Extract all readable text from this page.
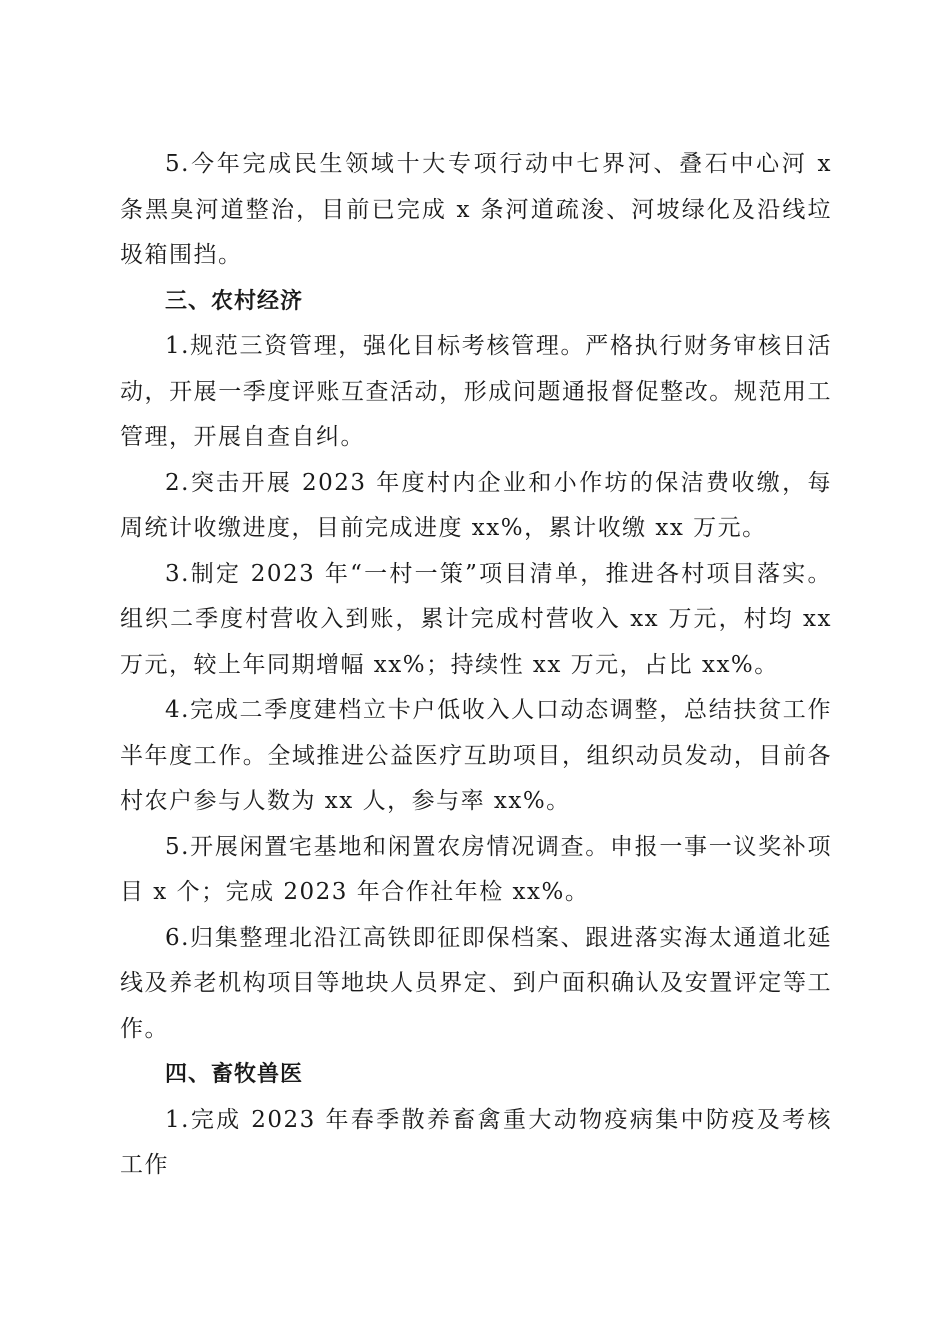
5.今年完成民生领域十大专项行动中七界河、叠石中心河 x 条黑臭河道整治，目前已完成 x 条河道疏浚、河坡绿化及沿线垃圾箱围挡。

三、农村经济

1.规范三资管理，强化目标考核管理。严格执行财务审核日活动，开展一季度评账互查活动，形成问题通报督促整改。规范用工管理，开展自查自纠。

2.突击开展 2023 年度村内企业和小作坊的保洁费收缴，每周统计收缴进度，目前完成进度 xx%，累计收缴 xx 万元。

3.制定 2023 年“一村一策”项目清单，推进各村项目落实。组织二季度村营收入到账，累计完成村营收入 xx 万元，村均 xx 万元，较上年同期增幅 xx%；持续性 xx 万元，占比 xx%。

4.完成二季度建档立卡户低收入人口动态调整，总结扶贫工作半年度工作。全域推进公益医疗互助项目，组织动员发动，目前各村农户参与人数为 xx 人，参与率 xx%。

5.开展闲置宅基地和闲置农房情况调查。申报一事一议奖补项目 x 个；完成 2023 年合作社年检 xx%。

6.归集整理北沿江高铁即征即保档案、跟进落实海太通道北延线及养老机构项目等地块人员界定、到户面积确认及安置评定等工作。

四、畜牧兽医

1.完成 2023 年春季散养畜禽重大动物疫病集中防疫及考核工作
